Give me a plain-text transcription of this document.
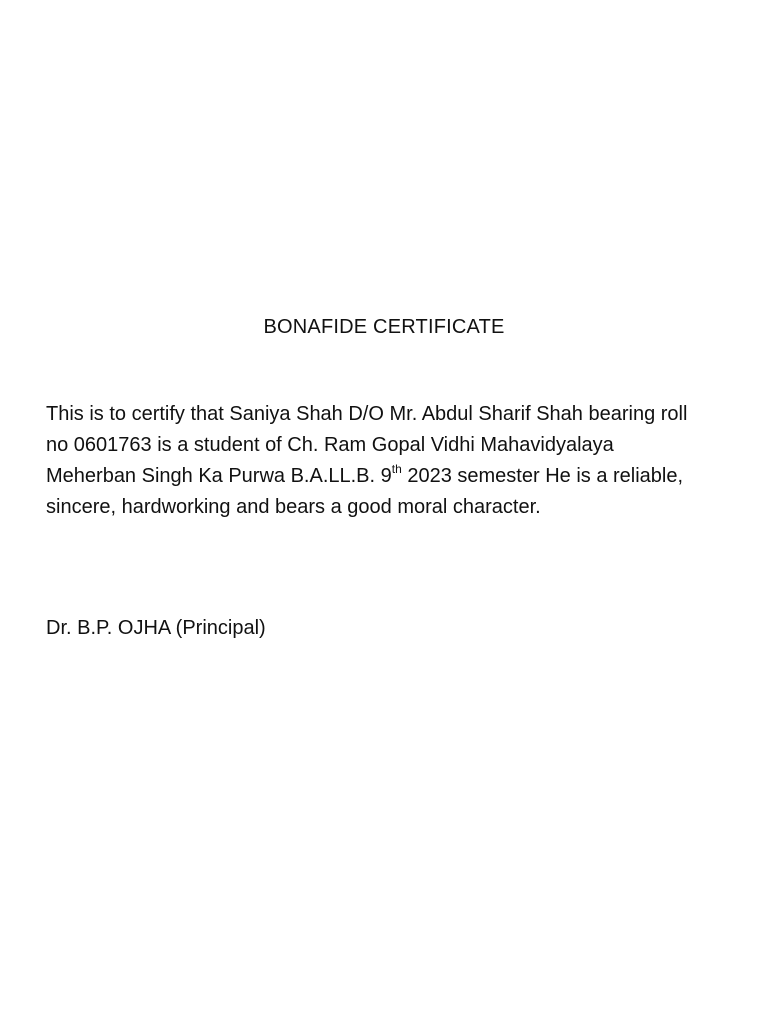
BONAFIDE CERTIFICATE
This is to certify that Saniya Shah D/O Mr. Abdul Sharif Shah bearing roll
no 0601763 is a student of Ch. Ram Gopal Vidhi Mahavidyalaya
Meherban Singh Ka Purwa B.A.LL.B. 9th 2023 semester He is a reliable,
sincere, hardworking and bears a good moral character.
Dr. B.P. OJHA (Principal)
